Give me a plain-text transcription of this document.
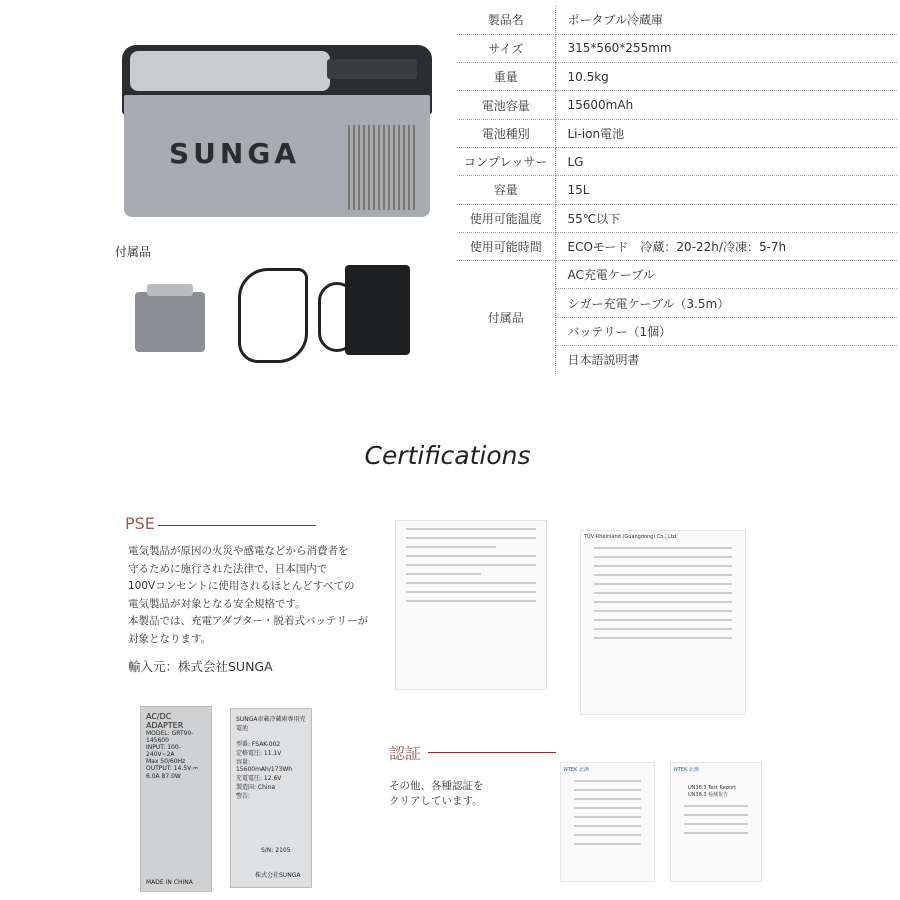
SUNGA
付属品
製品名	ポータブル冷蔵庫
サイズ	315*560*255mm
重量	10.5kg
電池容量	15600mAh
電池種別	Li-ion電池
コンプレッサー	LG
容量	15L
使用可能温度	55℃以下
使用可能時間	ECOモード　冷蔵：20-22h/冷凍：5-7h
付属品	AC充電ケーブル
	シガー充電ケーブル（3.5m）
	バッテリー（1個）
	日本語説明書
Certifications
PSE
電気製品が原因の火災や感電などから消費者を
守るために施行された法律で、日本国内で
100Vコンセントに使用されるほとんどすべての
電気製品が対象となる安全規格です。
本製品では、充電アダプター・脱着式バッテリーが
対象となります。
輸入元：株式会社SUNGA
TÜV Rheinland (Guangdong) Co., Ltd.
AC/DC ADAPTER
MODEL: GRT90-145600
INPUT: 100-240V~2A
Max 50/60Hz
OUTPUT: 14.5V ⎓ 6.0A 87.0W
MADE IN CHINA
SUNGA車載冷蔵庫専用充電池

型番: FSAK-002
定格電圧: 11.1V
容量: 15600mAh/173Wh
充電電圧: 12.6V
製造国: China
警告:
S/N: 2105
株式会社SUNGA
認証
その他、各種認証を
クリアしています。
NTEK 北测	NTEK 北测
UN38.3 Test Report
UN38.3 检测报告
